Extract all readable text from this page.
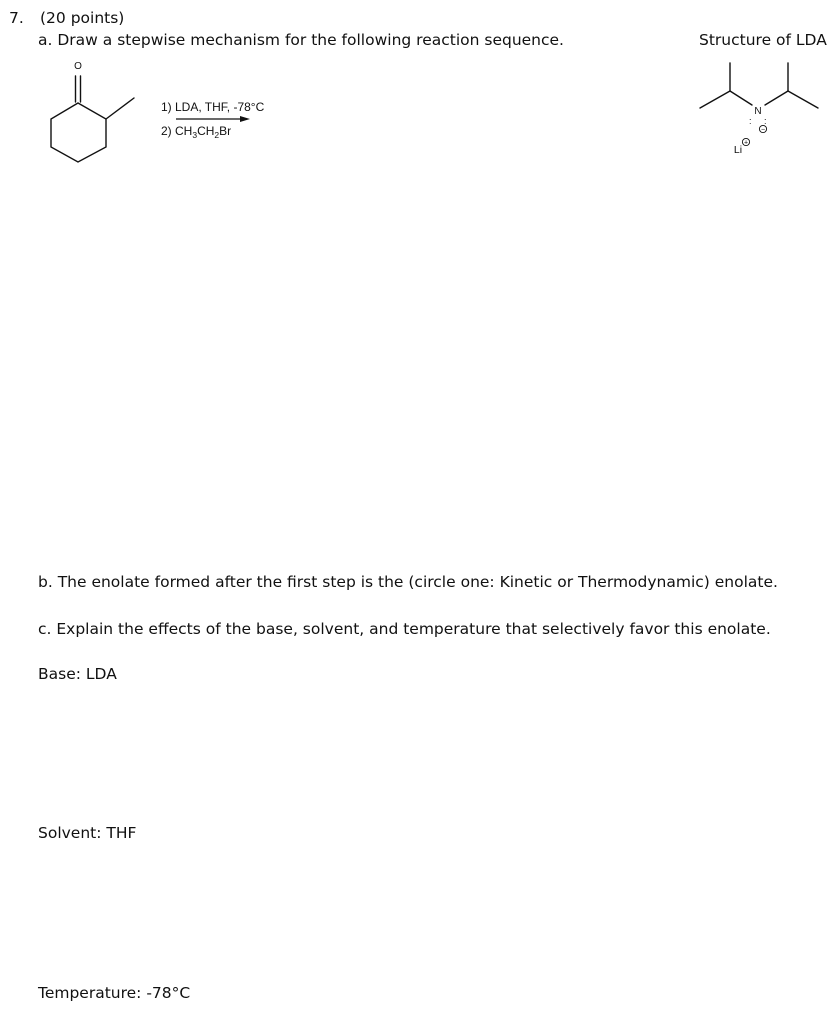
7. (20 points)
a. Draw a stepwise mechanism for the following reaction sequence.	Structure of LDA
O
1) LDA, THF, -78°C
2) $CH_3CH_2Br$
N
: :
Li
+
−
b. The enolate formed after the first step is the (circle one: Kinetic or Thermodynamic) enolate.
c. Explain the effects of the base, solvent, and temperature that selectively favor this enolate.
Base: LDA
Solvent: THF
Temperature: -78°C
